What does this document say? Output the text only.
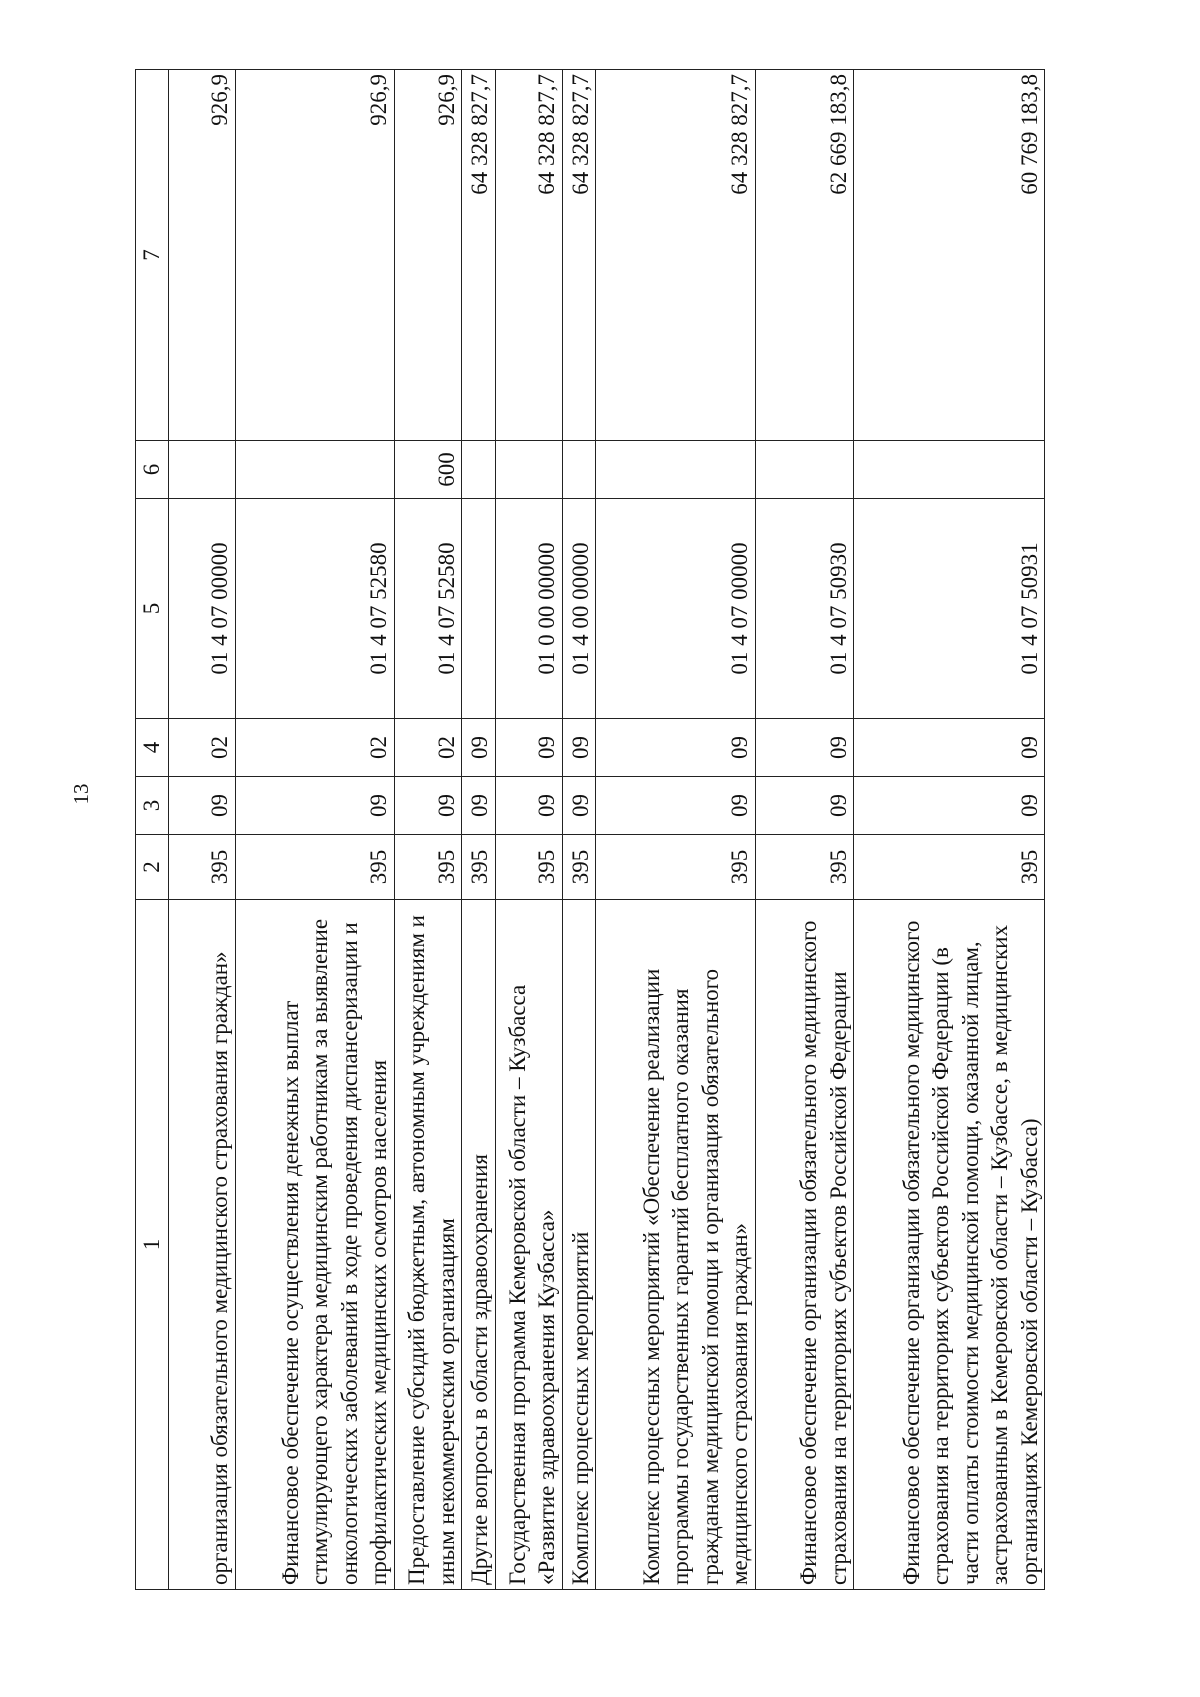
13
1	2	3	4	5	6	7
организация обязательного медицинского страхования граждан»	395	09	02	01 4 07 00000		926,9
Финансовое обеспечение осуществления денежных выплат стимулирующего характера медицинским работникам за выявление онкологических заболеваний в ходе проведения диспансеризации и профилактических медицинских осмотров населения	395	09	02	01 4 07 52580		926,9
Предоставление субсидий бюджетным, автономным учреждениям и иным некоммерческим организациям	395	09	02	01 4 07 52580	600	926,9
Другие вопросы в области здравоохранения	395	09	09			64 328 827,7
Государственная программа Кемеровской области – Кузбасса «Развитие здравоохранения Кузбасса»	395	09	09	01 0 00 00000		64 328 827,7
Комплекс процессных мероприятий	395	09	09	01 4 00 00000		64 328 827,7
Комплекс процессных мероприятий «Обеспечение реализации программы государственных гарантий бесплатного оказания гражданам медицинской помощи и организация обязательного медицинского страхования граждан»	395	09	09	01 4 07 00000		64 328 827,7
Финансовое обеспечение организации обязательного медицинского страхования на территориях субъектов Российской Федерации	395	09	09	01 4 07 50930		62 669 183,8
Финансовое обеспечение организации обязательного медицинского страхования на территориях субъектов Российской Федерации (в части оплаты стоимости медицинской помощи, оказанной лицам, застрахованным в Кемеровской области – Кузбассе, в медицинских организациях Кемеровской области – Кузбасса)	395	09	09	01 4 07 50931		60 769 183,8
